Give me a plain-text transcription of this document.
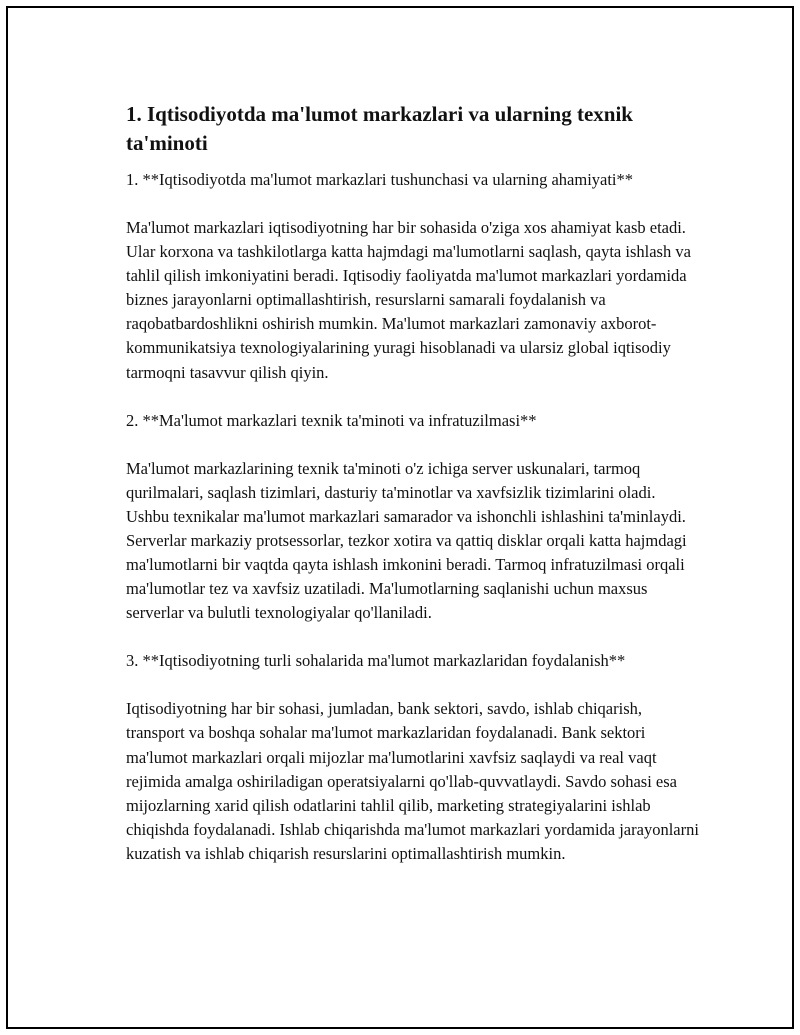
1. Iqtisodiyotda ma'lumot markazlari va ularning texnik ta'minoti

1. **Iqtisodiyotda ma'lumot markazlari tushunchasi va ularning ahamiyati**

Ma'lumot markazlari iqtisodiyotning har bir sohasida o'ziga xos ahamiyat kasb etadi. Ular korxona va tashkilotlarga katta hajmdagi ma'lumotlarni saqlash, qayta ishlash va tahlil qilish imkoniyatini beradi. Iqtisodiy faoliyatda ma'lumot markazlari yordamida biznes jarayonlarni optimallashtirish, resurslarni samarali foydalanish va raqobatbardoshlikni oshirish mumkin. Ma'lumot markazlari zamonaviy axborot-kommunikatsiya texnologiyalarining yuragi hisoblanadi va ularsiz global iqtisodiy tarmoqni tasavvur qilish qiyin.

2. **Ma'lumot markazlari texnik ta'minoti va infratuzilmasi**

Ma'lumot markazlarining texnik ta'minoti o'z ichiga server uskunalari, tarmoq qurilmalari, saqlash tizimlari, dasturiy ta'minotlar va xavfsizlik tizimlarini oladi. Ushbu texnikalar ma'lumot markazlari samarador va ishonchli ishlashini ta'minlaydi. Serverlar markaziy protsessorlar, tezkor xotira va qattiq disklar orqali katta hajmdagi ma'lumotlarni bir vaqtda qayta ishlash imkonini beradi. Tarmoq infratuzilmasi orqali ma'lumotlar tez va xavfsiz uzatiladi. Ma'lumotlarning saqlanishi uchun maxsus serverlar va bulutli texnologiyalar qo'llaniladi.

3. **Iqtisodiyotning turli sohalarida ma'lumot markazlaridan foydalanish**

Iqtisodiyotning har bir sohasi, jumladan, bank sektori, savdo, ishlab chiqarish, transport va boshqa sohalar ma'lumot markazlaridan foydalanadi. Bank sektori ma'lumot markazlari orqali mijozlar ma'lumotlarini xavfsiz saqlaydi va real vaqt rejimida amalga oshiriladigan operatsiyalarni qo'llab-quvvatlaydi. Savdo sohasi esa mijozlarning xarid qilish odatlarini tahlil qilib, marketing strategiyalarini ishlab chiqishda foydalanadi. Ishlab chiqarishda ma'lumot markazlari yordamida jarayonlarni kuzatish va ishlab chiqarish resurslarini optimallashtirish mumkin.
